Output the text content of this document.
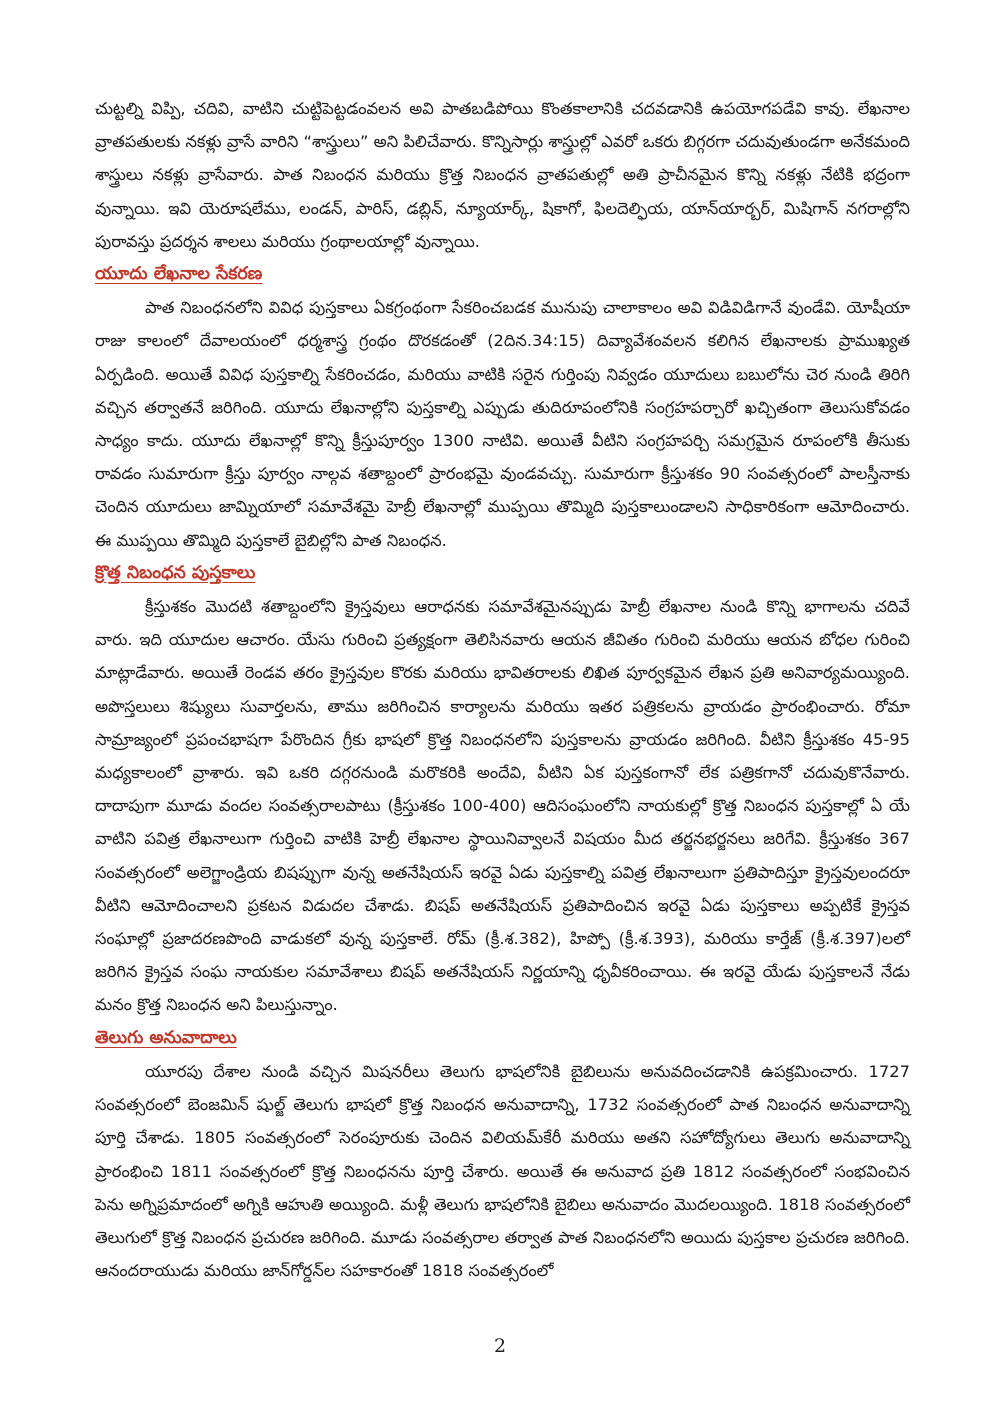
చుట్టల్ని విప్పి, చదివి, వాటిని చుట్టిపెట్టడంవలన అవి పాతబడిపోయి కొంతకాలానికి చదవడానికి ఉపయోగపడేవి కావు. లేఖనాల వ్రాతపతులకు నకళ్లు వ్రాసే వారిని “శాస్త్రులు” అని పిలిచేవారు. కొన్నిసార్లు శాస్త్రుల్లో ఎవరో ఒకరు బిగ్గరగా చదువుతుండగా అనేకమంది శాస్త్రులు నకళ్లు వ్రాసేవారు. పాత నిబంధన మరియు క్రొత్త నిబంధన వ్రాతపతుల్లో అతి ప్రాచీనమైన కొన్ని నకళ్లు నేటికి భద్రంగా వున్నాయి. ఇవి యెరూషలేము, లండన్, పారిస్, డబ్లిన్, న్యూయార్క్, షికాగో, ఫిలదెల్ఫియ, యాన్‌యార్బర్, మిషిగాన్ నగరాల్లోని పురావస్తు ప్రదర్శన శాలలు మరియు గ్రంథాలయాల్లో వున్నాయి.

యూదు లేఖనాల సేకరణ

పాత నిబంధనలోని వివిధ పుస్తకాలు ఏకగ్రంథంగా సేకరించబడక మునుపు చాలాకాలం అవి విడివిడిగానే వుండేవి. యోషీయా రాజు కాలంలో దేవాలయంలో ధర్మశాస్త్ర గ్రంథం దొరకడంతో (2దిన.34:15) దివ్యావేశంవలన కలిగిన లేఖనాలకు ప్రాముఖ్యత ఏర్పడింది. అయితే వివిధ పుస్తకాల్ని సేకరించడం, మరియు వాటికి సరైన గుర్తింపు నివ్వడం యూదులు బబులోను చెర నుండి తిరిగి వచ్చిన తర్వాతనే జరిగింది. యూదు లేఖనాల్లోని పుస్తకాల్ని ఎప్పుడు తుదిరూపంలోనికి సంగ్రహపర్చారో ఖచ్చితంగా తెలుసుకోవడం సాధ్యం కాదు. యూదు లేఖనాల్లో కొన్ని క్రీస్తుపూర్వం 1300 నాటివి. అయితే వీటిని సంగ్రహపర్చి సమగ్రమైన రూపంలోకి తీసుకు రావడం సుమారుగా క్రీస్తు పూర్వం నాల్గవ శతాబ్దంలో ప్రారంభమై వుండవచ్చు. సుమారుగా క్రీస్తుశకం 90 సంవత్సరంలో పాలస్తీనాకు చెందిన యూదులు జామ్నియాలో సమావేశమై హెబ్రీ లేఖనాల్లో ముప్పయి తొమ్మిది పుస్తకాలుండాలని సాధికారికంగా ఆమోదించారు. ఈ ముప్పయి తొమ్మిది పుస్తకాలే బైబిల్లోని పాత నిబంధన.

క్రొత్త నిబంధన పుస్తకాలు

క్రీస్తుశకం మొదటి శతాబ్దంలోని క్రైస్తవులు ఆరాధనకు సమావేశమైనప్పుడు హెబ్రీ లేఖనాల నుండి కొన్ని భాగాలను చదివే వారు. ఇది యూదుల ఆచారం. యేసు గురించి ప్రత్యక్షంగా తెలిసినవారు ఆయన జీవితం గురించి మరియు ఆయన బోధల గురించి మాట్లాడేవారు. అయితే రెండవ తరం క్రైస్తవుల కొరకు మరియు భావితరాలకు లిఖిత పూర్వకమైన లేఖన ప్రతి అనివార్యమయ్యింది. అపొస్తలులు శిష్యులు సువార్తలను, తాము జరిగించిన కార్యాలను మరియు ఇతర పత్రికలను వ్రాయడం ప్రారంభించారు. రోమా సామ్రాజ్యంలో ప్రపంచభాషగా పేరొందిన గ్రీకు భాషలో క్రొత్త నిబంధనలోని పుస్తకాలను వ్రాయడం జరిగింది. వీటిని క్రీస్తుశకం 45-95 మధ్యకాలంలో వ్రాశారు. ఇవి ఒకరి దగ్గరనుండి మరొకరికి అందేవి, వీటిని ఏక పుస్తకంగానో లేక పత్రికగానో చదువుకొనేవారు. దాదాపుగా మూడు వందల సంవత్సరాలపాటు (క్రీస్తుశకం 100-400) ఆదిసంఘంలోని నాయకుల్లో క్రొత్త నిబంధన పుస్తకాల్లో ఏ యే వాటిని పవిత్ర లేఖనాలుగా గుర్తించి వాటికి హెబ్రీ లేఖనాల స్థాయినివ్వాలనే విషయం మీద తర్జనభర్జనలు జరిగేవి. క్రీస్తుశకం 367 సంవత్సరంలో అలెగ్జాండ్రియ బిషప్పుగా వున్న అతనేషియస్ ఇరవై ఏడు పుస్తకాల్ని పవిత్ర లేఖనాలుగా ప్రతిపాదిస్తూ క్రైస్తవులందరూ వీటిని ఆమోదించాలని ప్రకటన విడుదల చేశాడు. బిషప్ అతనేషియస్ ప్రతిపాదించిన ఇరవై ఏడు పుస్తకాలు అప్పటికే క్రైస్తవ సంఘాల్లో ప్రజాదరణపొంది వాడుకలో వున్న పుస్తకాలే. రోమ్ (క్రీ.శ.382), హిప్పో (క్రీ.శ.393), మరియు కార్తేజ్ (క్రీ.శ.397)లలో జరిగిన క్రైస్తవ సంఘ నాయకుల సమావేశాలు బిషప్ అతనేషియస్ నిర్ణయాన్ని ధృవీకరించాయి. ఈ ఇరవై యేడు పుస్తకాలనే నేడు మనం క్రొత్త నిబంధన అని పిలుస్తున్నాం.

తెలుగు అనువాదాలు

యూరపు దేశాల నుండి వచ్చిన మిషనరీలు తెలుగు భాషలోనికి బైబిలును అనువదించడానికి ఉపక్రమించారు. 1727 సంవత్సరంలో బెంజమిన్ షుల్జ్ తెలుగు భాషలో క్రొత్త నిబంధన అనువాదాన్ని, 1732 సంవత్సరంలో పాత నిబంధన అనువాదాన్ని పూర్తి చేశాడు. 1805 సంవత్సరంలో సెరంపూరుకు చెందిన విలియమ్‌కేరీ మరియు అతని సహోద్యోగులు తెలుగు అనువాదాన్ని ప్రారంభించి 1811 సంవత్సరంలో క్రొత్త నిబంధనను పూర్తి చేశారు. అయితే ఈ అనువాద ప్రతి 1812 సంవత్సరంలో సంభవించిన పెను అగ్నిప్రమాదంలో అగ్నికి ఆహుతి అయ్యింది. మళ్లీ తెలుగు భాషలోనికి బైబిలు అనువాదం మొదలయ్యింది. 1818 సంవత్సరంలో తెలుగులో క్రొత్త నిబంధన ప్రచురణ జరిగింది. మూడు సంవత్సరాల తర్వాత పాత నిబంధనలోని అయిదు పుస్తకాల ప్రచురణ జరిగింది. ఆనందరాయుడు మరియు జాన్‌గోర్డన్‌ల సహకారంతో 1818 సంవత్సరంలో

2
